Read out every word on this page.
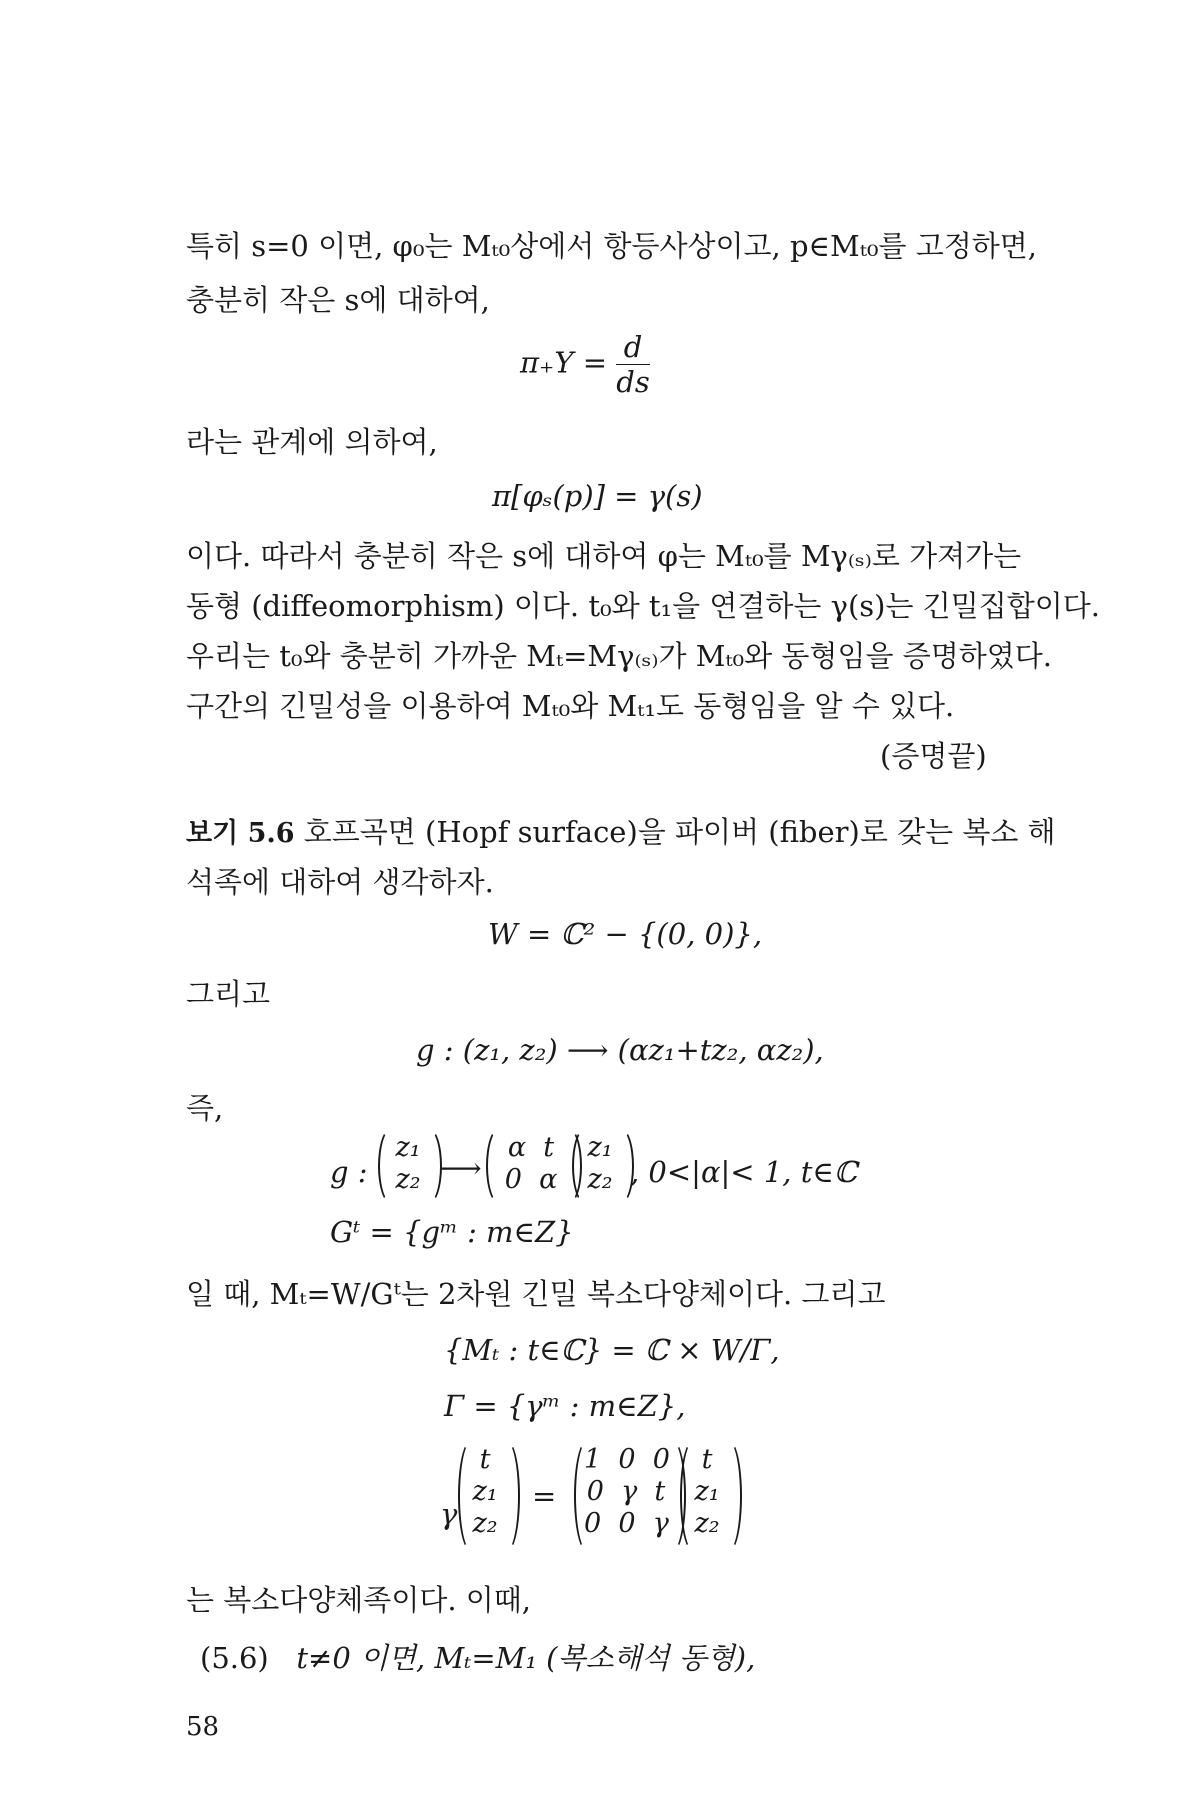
특히 s=0 이면, φ₀는 Mₜ₀상에서 항등사상이고, p∈Mₜ₀를 고정하면,
충분히 작은 s에 대하여,
$\pi_+Y = \frac{d}{ds}$
라는 관계에 의하여,
π[φₛ(p)] = γ(s)
이다. 따라서 충분히 작은 s에 대하여 φ는 Mₜ₀를 Mγ₍ₛ₎로 가져가는
동형 (diffeomorphism) 이다. t₀와 t₁을 연결하는 γ(s)는 긴밀집합이다.
우리는 t₀와 충분히 가까운 Mₜ=Mγ₍ₛ₎가 Mₜ₀와 동형임을 증명하였다.
구간의 긴밀성을 이용하여 Mₜ₀와 Mₜ₁도 동형임을 알 수 있다.
(증명끝)
보기 5.6 호프곡면 (Hopf surface)을 파이버 (fiber)로 갖는 복소 해
석족에 대하여 생각하자.
W = ℂ² − {(0, 0)},
그리고
g : (z₁, z₂) ⟶ (αz₁+tz₂, αz₂),
즉,
g :
z₁
z₂ ⟶
α t
0 α
z₁
z₂ , 0<|α|< 1, t∈ℂ
Gᵗ = {gᵐ : m∈Z}
일 때, Mₜ=W/Gᵗ는 2차원 긴밀 복소다양체이다. 그리고
{Mₜ : t∈ℂ} = ℂ × W/Γ,
Γ = {γᵐ : m∈Z},
γ
t
z₁
z₂
=
1 0 0
0 γ t
0 0 γ
t
z₁
z₂
는 복소다양체족이다. 이때,
(5.6) t≠0 이면, Mₜ=M₁ (복소해석 동형),
58
